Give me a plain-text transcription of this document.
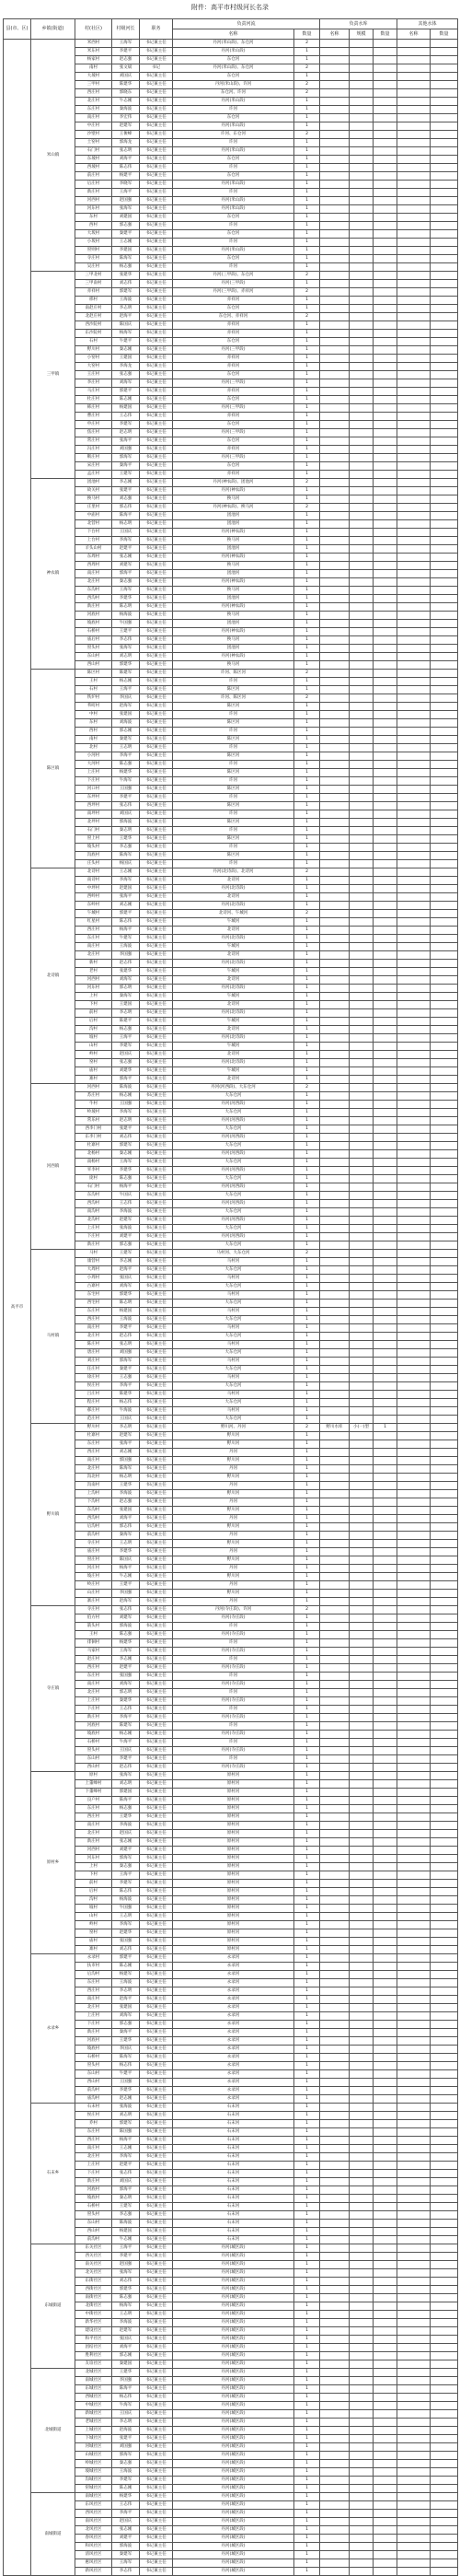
附件：高平市村级河长名录
县(市、区)	乡镇(街道)	村(社区)	村级河长	职务	负责河流		负责水库			其他水体	
					名称	数量	名称	规模	数量	名称	数量
高平市	米山镇	米西村	王海军	书记兼主任	丹河(米山段)、东仓河	2					
		米东村	李建平	书记兼主任	丹河(米山段)	1					
		杨家村	赵志强	书记兼主任	东仓河	1					
		南村	张文斌	书记	丹河(米山段)、东仓河	2					
		大坡村	刘国庆	书记兼主任	东仓河	1					
		三甲村	陈建华	书记兼主任	丹河(米山段)、许河	2					
		西庄村	郭晓东	书记兼主任	东仓河、许河	2					
		北庄村	牛志刚	书记兼主任	丹河(米山段)	1					
		东庄村	秦海波	书记兼主任	许河	1					
		南庄村	李宏伟	书记兼主任	东仓河	1					
		中庄村	赵建军	书记兼主任	丹河(米山段)	1					
		沙壁村	王俊峰	书记兼主任	许河、东仓河	2					
		土窑村	郭海龙	书记兼主任	许河	1					
		石门村	张志明	书记兼主任	丹河(米山段)	1					
		东坡村	刘海平	书记兼主任	东仓河	1					
		西坡村	陈志伟	书记兼主任	许河	1					
		前庄村	杨建平	书记兼主任	东仓河	1					
		后庄村	李晓军	书记兼主任	丹河(米山段)	1					
		新庄村	王海平	书记兼主任	许河	1					
		河西村	赵国强	书记兼主任	丹河(米山段)	1					
		河东村	张海军	书记兼主任	丹河(米山段)	1					
		东村	刘建国	书记兼主任	东仓河	1					
		西村	郭志强	书记兼主任	许河	1					
		大坂村	秦建平	书记兼主任	东仓河	1					
		小坂村	王志刚	书记兼主任	许河	1					
		窑则村	李建国	书记兼主任	丹河(米山段)	1					
		寺庄村	陈海军	书记兼主任	东仓河	1					
		吴庄村	杨志强	书记兼主任	许河	1					
	三甲镇	三甲北村	张建华	书记兼主任	丹河(三甲段)、东仓河	2					
		三甲南村	刘志伟	书记兼主任	丹河(三甲段)	1					
		赤祥村	郭建军	书记兼主任	丹河(三甲段)、赤祥河	2					
		邢村	王海波	书记兼主任	赤祥河	1					
		南赵庄村	李志明	书记兼主任	东仓河	1					
		北赵庄村	赵海平	书记兼主任	东仓河、赤祥河	2					
		西沙院村	陈国庆	书记兼主任	赤祥河	1					
		东沙院村	杨海军	书记兼主任	赤祥河	1					
		石村	牛建平	书记兼主任	东仓河	1					
		野川村	秦志刚	书记兼主任	丹河(三甲段)	1					
		小窑村	王建国	书记兼主任	赤祥河	1					
		大窑村	李海龙	书记兼主任	赤祥河	1					
		王庄村	张志强	书记兼主任	东仓河	1					
		李庄村	刘海军	书记兼主任	丹河(三甲段)	1					
		马庄村	郭建平	书记兼主任	赤祥河	1					
		杜庄村	陈志刚	书记兼主任	东仓河	1					
		韩庄村	杨建国	书记兼主任	丹河(三甲段)	1					
		曹庄村	王志伟	书记兼主任	赤祥河	1					
		申庄村	李建军	书记兼主任	东仓河	1					
		焦庄村	赵志明	书记兼主任	丹河(三甲段)	1					
		常庄村	张海平	书记兼主任	东仓河	1					
		冯庄村	刘国强	书记兼主任	赤祥河	1					
		靳庄村	郭海军	书记兼主任	丹河(三甲段)	1					
		宋庄村	秦海平	书记兼主任	东仓河	1					
		孟庄村	王建军	书记兼主任	赤祥河	1					
	神农镇	团池村	李志刚	书记兼主任	丹河(神农段)、团池河	2					
		故关村	张建平	书记兼主任	丹河(神农段)	1					
		换马村	刘志强	书记兼主任	换马河	1					
		庄里村	郭志伟	书记兼主任	丹河(神农段)、换马河	2					
		中庙村	陈海平	书记兼主任	团池河	1					
		北营村	杨志明	书记兼主任	团池河	1					
		下台村	王国庆	书记兼主任	丹河(神农段)	1					
		上台村	李海军	书记兼主任	换马河	1					
		羊头山村	赵建平	书记兼主任	团池河	1					
		东周村	张志刚	书记兼主任	丹河(神农段)	1					
		西周村	刘建军	书记兼主任	换马河	1					
		南庄村	郭海平	书记兼主任	团池河	1					
		北庄村	秦志强	书记兼主任	丹河(神农段)	1					
		东沟村	王海军	书记兼主任	换马河	1					
		西沟村	李建华	书记兼主任	团池河	1					
		新庄村	陈志明	书记兼主任	丹河(神农段)	1					
		河底村	杨海波	书记兼主任	换马河	1					
		坡底村	牛国强	书记兼主任	团池河	1					
		石桥村	王建平	书记兼主任	丹河(神农段)	1					
		庙后村	李志伟	书记兼主任	换马河	1					
		窑头村	张海军	书记兼主任	团池河	1					
		东山村	刘志明	书记兼主任	丹河(神农段)	1					
		西山村	郭建华	书记兼主任	换马河	1					
	陈区镇	陈区村	陈建军	书记兼主任	许河、陈区河	2					
		王村	杨志刚	书记兼主任	许河	1					
		石村	王海平	书记兼主任	陈区河	1					
		铁炉村	李国庆	书记兼主任	许河、陈区河	2					
		苇町村	赵海军	书记兼主任	陈区河	1					
		中村	张建国	书记兼主任	许河	1					
		东村	刘海波	书记兼主任	陈区河	1					
		西村	郭志刚	书记兼主任	许河	1					
		南村	秦建军	书记兼主任	陈区河	1					
		北村	王志明	书记兼主任	许河	1					
		小河村	李海平	书记兼主任	陈区河	1					
		大河村	陈志强	书记兼主任	许河	1					
		上庄村	杨建华	书记兼主任	陈区河	1					
		下庄村	牛海军	书记兼主任	许河	1					
		河口村	王国强	书记兼主任	陈区河	1					
		东坪村	李建平	书记兼主任	许河	1					
		西坪村	张志伟	书记兼主任	陈区河	1					
		南坪村	刘国庆	书记兼主任	许河	1					
		北坪村	郭海波	书记兼主任	陈区河	1					
		石门村	秦志明	书记兼主任	许河	1					
		窑上村	王建华	书记兼主任	陈区河	1					
		坡头村	李志强	书记兼主任	许河	1					
		沟底村	陈海军	书记兼主任	陈区河	1					
		庄头村	杨国庆	书记兼主任	许河	1					
	北诗镇	北诗村	王志刚	书记兼主任	丹河(北诗段)、北诗河	2					
		南诗村	李海军	书记兼主任	北诗河	1					
		中坪村	赵建国	书记兼主任	丹河(北诗段)	1					
		西岭村	张海平	书记兼主任	北诗河	1					
		东岭村	刘志刚	书记兼主任	丹河(北诗段)	1					
		午城村	郭建平	书记兼主任	北诗河、午城河	2					
		红星村	陈志伟	书记兼主任	午城河	1					
		西庄村	杨海平	书记兼主任	北诗河	1					
		东庄村	牛建军	书记兼主任	丹河(北诗段)	1					
		南庄村	王海波	书记兼主任	午城河	1					
		北庄村	李国强	书记兼主任	北诗河	1					
		新村	赵志伟	书记兼主任	丹河(北诗段)	1					
		老村	张建华	书记兼主任	午城河	1					
		河西村	刘海军	书记兼主任	北诗河	1					
		河东村	郭志明	书记兼主任	丹河(北诗段)	1					
		上村	秦海军	书记兼主任	午城河	1					
		下村	王建国	书记兼主任	北诗河	1					
		前村	李志明	书记兼主任	丹河(北诗段)	1					
		后村	陈建平	书记兼主任	午城河	1					
		沟村	杨志强	书记兼主任	北诗河	1					
		坡村	王海平	书记兼主任	丹河(北诗段)	1					
		山村	李建军	书记兼主任	午城河	1					
		岭村	赵国庆	书记兼主任	北诗河	1					
		窑村	张志强	书记兼主任	丹河(北诗段)	1					
		庙村	刘建华	书记兼主任	午城河	1					
		寨村	郭海平	书记兼主任	北诗河	1					
	河西镇	河西村	陈海波	书记兼主任	丹河(河西段)、大东仓河	2					
		苏庄村	杨志刚	书记兼主任	大东仓河	1					
		牛村	王国强	书记兼主任	丹河(河西段)	1					
		岭坡村	李海军	书记兼主任	大东仓河	1					
		常乐村	赵志明	书记兼主任	丹河(河西段)	1					
		西李门村	张建平	书记兼主任	大东仓河	1					
		东李门村	刘志伟	书记兼主任	丹河(河西段)	1					
		杜寨村	郭建军	书记兼主任	大东仓河	1					
		北杨村	秦志刚	书记兼主任	丹河(河西段)	1					
		南杨村	王海军	书记兼主任	大东仓河	1					
		宰李村	李建华	书记兼主任	丹河(河西段)	1					
		庞村	陈志强	书记兼主任	大东仓河	1					
		石门村	杨海平	书记兼主任	丹河(河西段)	1					
		东沟村	牛国庆	书记兼主任	大东仓河	1					
		西沟村	王志伟	书记兼主任	丹河(河西段)	1					
		南沟村	李海波	书记兼主任	大东仓河	1					
		北沟村	赵建军	书记兼主任	丹河(河西段)	1					
		上庄村	张海波	书记兼主任	大东仓河	1					
		下庄村	刘建平	书记兼主任	丹河(河西段)	1					
		新庄村	郭志强	书记兼主任	大东仓河	1					
	马村镇	马村	王建军	书记兼主任	马村河、大东仓河	2					
		康营村	李志刚	书记兼主任	马村河	1					
		大周村	赵海平	书记兼主任	大东仓河	1					
		小周村	张国庆	书记兼主任	马村河	1					
		古寨村	刘海军	书记兼主任	大东仓河	1					
		东宅村	郭建华	书记兼主任	马村河	1					
		西宅村	陈志明	书记兼主任	大东仓河	1					
		东庄村	杨建国	书记兼主任	马村河	1					
		西庄村	王海波	书记兼主任	大东仓河	1					
		南庄村	李建平	书记兼主任	马村河	1					
		北庄村	赵志伟	书记兼主任	大东仓河	1					
		陈庄村	张志明	书记兼主任	马村河	1					
		唐庄村	刘国强	书记兼主任	大东仓河	1					
		刘庄村	郭海军	书记兼主任	马村河	1					
		任庄村	秦建平	书记兼主任	大东仓河	1					
		徐庄村	王志强	书记兼主任	马村河	1					
		侯庄村	李海平	书记兼主任	大东仓河	1					
		吕庄村	陈建华	书记兼主任	马村河	1					
		程庄村	杨志伟	书记兼主任	大东仓河	1					
		郝庄村	牛海波	书记兼主任	马村河	1					
		范庄村	王国庆	书记兼主任	大东仓河	1					
	野川镇	野川村	李志明	书记兼主任	野川河、丹河	2	野川水库	小(一)型	1		
		杜寨村	赵建军	书记兼主任	野川河	1					
		东庄村	张海平	书记兼主任	野川河	1					
		西庄村	刘志刚	书记兼主任	丹河	1					
		南庄村	郭国强	书记兼主任	野川河	1					
		北庄村	陈海军	书记兼主任	丹河	1					
		沟北村	杨志明	书记兼主任	野川河	1					
		沟南村	王建华	书记兼主任	丹河	1					
		上沟村	李海波	书记兼主任	野川河	1					
		下沟村	赵志强	书记兼主任	丹河	1					
		东沟村	张建国	书记兼主任	野川河	1					
		西沟村	刘海平	书记兼主任	丹河	1					
		后沟村	郭志伟	书记兼主任	野川河	1					
		前沟村	秦海军	书记兼主任	丹河	1					
		寺庄村	王志明	书记兼主任	野川河	1					
		庙庄村	李建华	书记兼主任	丹河	1					
		窑庄村	陈国庆	书记兼主任	野川河	1					
		河庄村	杨海平	书记兼主任	丹河	1					
		坡庄村	牛志刚	书记兼主任	野川河	1					
		岭庄村	王建平	书记兼主任	丹河	1					
		山庄村	李国强	书记兼主任	野川河	1					
		寨庄村	赵海军	书记兼主任	丹河	1					
	寺庄镇	寺庄村	张志伟	书记兼主任	丹河(寺庄段)、许河	2					
		伯方村	刘建军	书记兼主任	丹河(寺庄段)	1					
		箭头村	郭海波	书记兼主任	许河	1					
		王村	陈志强	书记兼主任	丹河(寺庄段)	1					
		徘徊村	杨建华	书记兼主任	许河	1					
		马家村	王海军	书记兼主任	丹河(寺庄段)	1					
		赵庄村	李志刚	书记兼主任	许河	1					
		西庄村	赵建平	书记兼主任	丹河(寺庄段)	1					
		东庄村	张国强	书记兼主任	许河	1					
		南庄村	刘海军	书记兼主任	丹河(寺庄段)	1					
		北庄村	郭志明	书记兼主任	许河	1					
		上庄村	秦建华	书记兼主任	丹河(寺庄段)	1					
		下庄村	王志伟	书记兼主任	许河	1					
		新庄村	李海平	书记兼主任	丹河(寺庄段)	1					
		河底村	陈建军	书记兼主任	许河	1					
		坡底村	杨志刚	书记兼主任	丹河(寺庄段)	1					
		石桥村	牛海平	书记兼主任	许河	1					
		窑头村	王国庆	书记兼主任	丹河(寺庄段)	1					
		东山村	李建平	书记兼主任	许河	1					
		西山村	赵志伟	书记兼主任	丹河(寺庄段)	1					
	原村乡	原村	张海军	书记兼主任	原村河	1					
		上董峰村	刘志明	书记兼主任	原村河	1					
		下董峰村	郭建国	书记兼主任	原村河	1					
		良户村	陈海平	书记兼主任	原村河	1					
		东庄村	杨志强	书记兼主任	原村河	1					
		西庄村	王建华	书记兼主任	原村河	1					
		南庄村	李海波	书记兼主任	原村河	1					
		北庄村	赵国庆	书记兼主任	原村河	1					
		新庄村	张志刚	书记兼主任	原村河	1					
		河西村	刘建平	书记兼主任	原村河	1					
		河东村	郭海军	书记兼主任	原村河	1					
		上村	秦志强	书记兼主任	原村河	1					
		下村	王海平	书记兼主任	原村河	1					
		前村	李建军	书记兼主任	原村河	1					
		后村	陈志伟	书记兼主任	原村河	1					
		沟村	杨海波	书记兼主任	原村河	1					
		坡村	牛国强	书记兼主任	原村河	1					
		山村	王志明	书记兼主任	原村河	1					
		岭村	李海军	书记兼主任	原村河	1					
		窑村	赵建华	书记兼主任	原村河	1					
		庙村	张国强	书记兼主任	原村河	1					
		寨村	刘志伟	书记兼主任	原村河	1					
	永录乡	永录村	郭建平	书记兼主任	永录河	1					
		扶市村	陈志刚	书记兼主任	永录河	1					
		后沟村	杨建军	书记兼主任	永录河	1					
		东庄村	王海波	书记兼主任	永录河	1					
		西庄村	李志明	书记兼主任	永录河	1					
		南庄村	赵海平	书记兼主任	永录河	1					
		北庄村	张建国	书记兼主任	永录河	1					
		上庄村	刘海军	书记兼主任	永录河	1					
		下庄村	郭志强	书记兼主任	永录河	1					
		新庄村	秦海平	书记兼主任	永录河	1					
		河底村	王建华	书记兼主任	永录河	1					
		坡底村	李国庆	书记兼主任	永录河	1					
		石桥村	陈海军	书记兼主任	永录河	1					
		窑头村	杨志伟	书记兼主任	永录河	1					
		东山村	牛建平	书记兼主任	永录河	1					
		西山村	王国强	书记兼主任	永录河	1					
		前沟村	李建华	书记兼主任	永录河	1					
		庙沟村	赵志刚	书记兼主任	永录河	1					
	石末乡	石末村	张海波	书记兼主任	石末河	1					
		侯庄村	刘志明	书记兼主任	石末河	1					
		乔村	郭建军	书记兼主任	石末河	1					
		东庄村	陈国强	书记兼主任	石末河	1					
		西庄村	杨海平	书记兼主任	石末河	1					
		南庄村	王志刚	书记兼主任	石末河	1					
		北庄村	李海军	书记兼主任	石末河	1					
		上庄村	赵建平	书记兼主任	石末河	1					
		下庄村	张志伟	书记兼主任	石末河	1					
		新庄村	刘国庆	书记兼主任	石末河	1					
		河底村	郭海平	书记兼主任	石末河	1					
		坡底村	秦志明	书记兼主任	石末河	1					
		石桥村	王建军	书记兼主任	石末河	1					
		窑头村	李志强	书记兼主任	石末河	1					
		东山村	陈海波	书记兼主任	石末河	1					
		西山村	杨建国	书记兼主任	石末河	1					
		前沟村	牛志刚	书记兼主任	石末河	1					
	东城街道	东关社区	王海平	书记兼主任	丹河(城区段)	1					
		西关社区	李建平	书记兼主任	丹河(城区段)	1					
		南关社区	赵国强	书记兼主任	丹河(城区段)	1					
		北关社区	张海军	书记兼主任	丹河(城区段)	1					
		东街社区	刘志伟	书记兼主任	丹河(城区段)	1					
		西街社区	郭建华	书记兼主任	丹河(城区段)	1					
		南街社区	陈志强	书记兼主任	丹河(城区段)	1					
		北街社区	杨海军	书记兼主任	丹河(城区段)	1					
		中街社区	王志明	书记兼主任	丹河(城区段)	1					
		新华社区	李海波	书记兼主任	丹河(城区段)	1					
		建设社区	赵建军	书记兼主任	丹河(城区段)	1					
		和平社区	张国庆	书记兼主任	丹河(城区段)	1					
		团结社区	刘海平	书记兼主任	丹河(城区段)	1					
		胜利社区	郭志刚	书记兼主任	丹河(城区段)	1					
		友谊社区	秦建国	书记兼主任	丹河(城区段)	1					
	北城街道	北城社区	王建华	书记兼主任	丹河(城区段)	1					
		南城社区	李国强	书记兼主任	丹河(城区段)	1					
		东城社区	陈海平	书记兼主任	丹河(城区段)	1					
		西城社区	杨志伟	书记兼主任	丹河(城区段)	1					
		中城社区	牛海军	书记兼主任	丹河(城区段)	1					
		新城社区	王国庆	书记兼主任	丹河(城区段)	1					
		老城社区	李志明	书记兼主任	丹河(城区段)	1					
		上城社区	赵海波	书记兼主任	丹河(城区段)	1					
		下城社区	张建平	书记兼主任	丹河(城区段)	1					
		河城社区	刘国强	书记兼主任	丹河(城区段)	1					
		山城社区	郭海军	书记兼主任	丹河(城区段)	1					
		岭城社区	秦志强	书记兼主任	丹河(城区段)	1					
		坡城社区	王海波	书记兼主任	丹河(城区段)	1					
		沟城社区	李建军	书记兼主任	丹河(城区段)	1					
		窑城社区	陈志刚	书记兼主任	丹河(城区段)	1					
	南城街道	南城社区	杨建华	书记兼主任	丹河(城区段)	1					
		东风社区	王志伟	书记兼主任	丹河(城区段)	1					
		西风社区	李海平	书记兼主任	丹河(城区段)	1					
		南风社区	赵国庆	书记兼主任	丹河(城区段)	1					
		北风社区	张志刚	书记兼主任	丹河(城区段)	1					
		春风社区	刘建平	书记兼主任	丹河(城区段)	1					
		和风社区	郭海波	书记兼主任	丹河(城区段)	1					
		清风社区	秦建军	书记兼主任	丹河(城区段)	1					
		惠风社区	王海军	书记兼主任	丹河(城区段)	1					
		新风社区	李志伟	书记兼主任	丹河(城区段)	1					
